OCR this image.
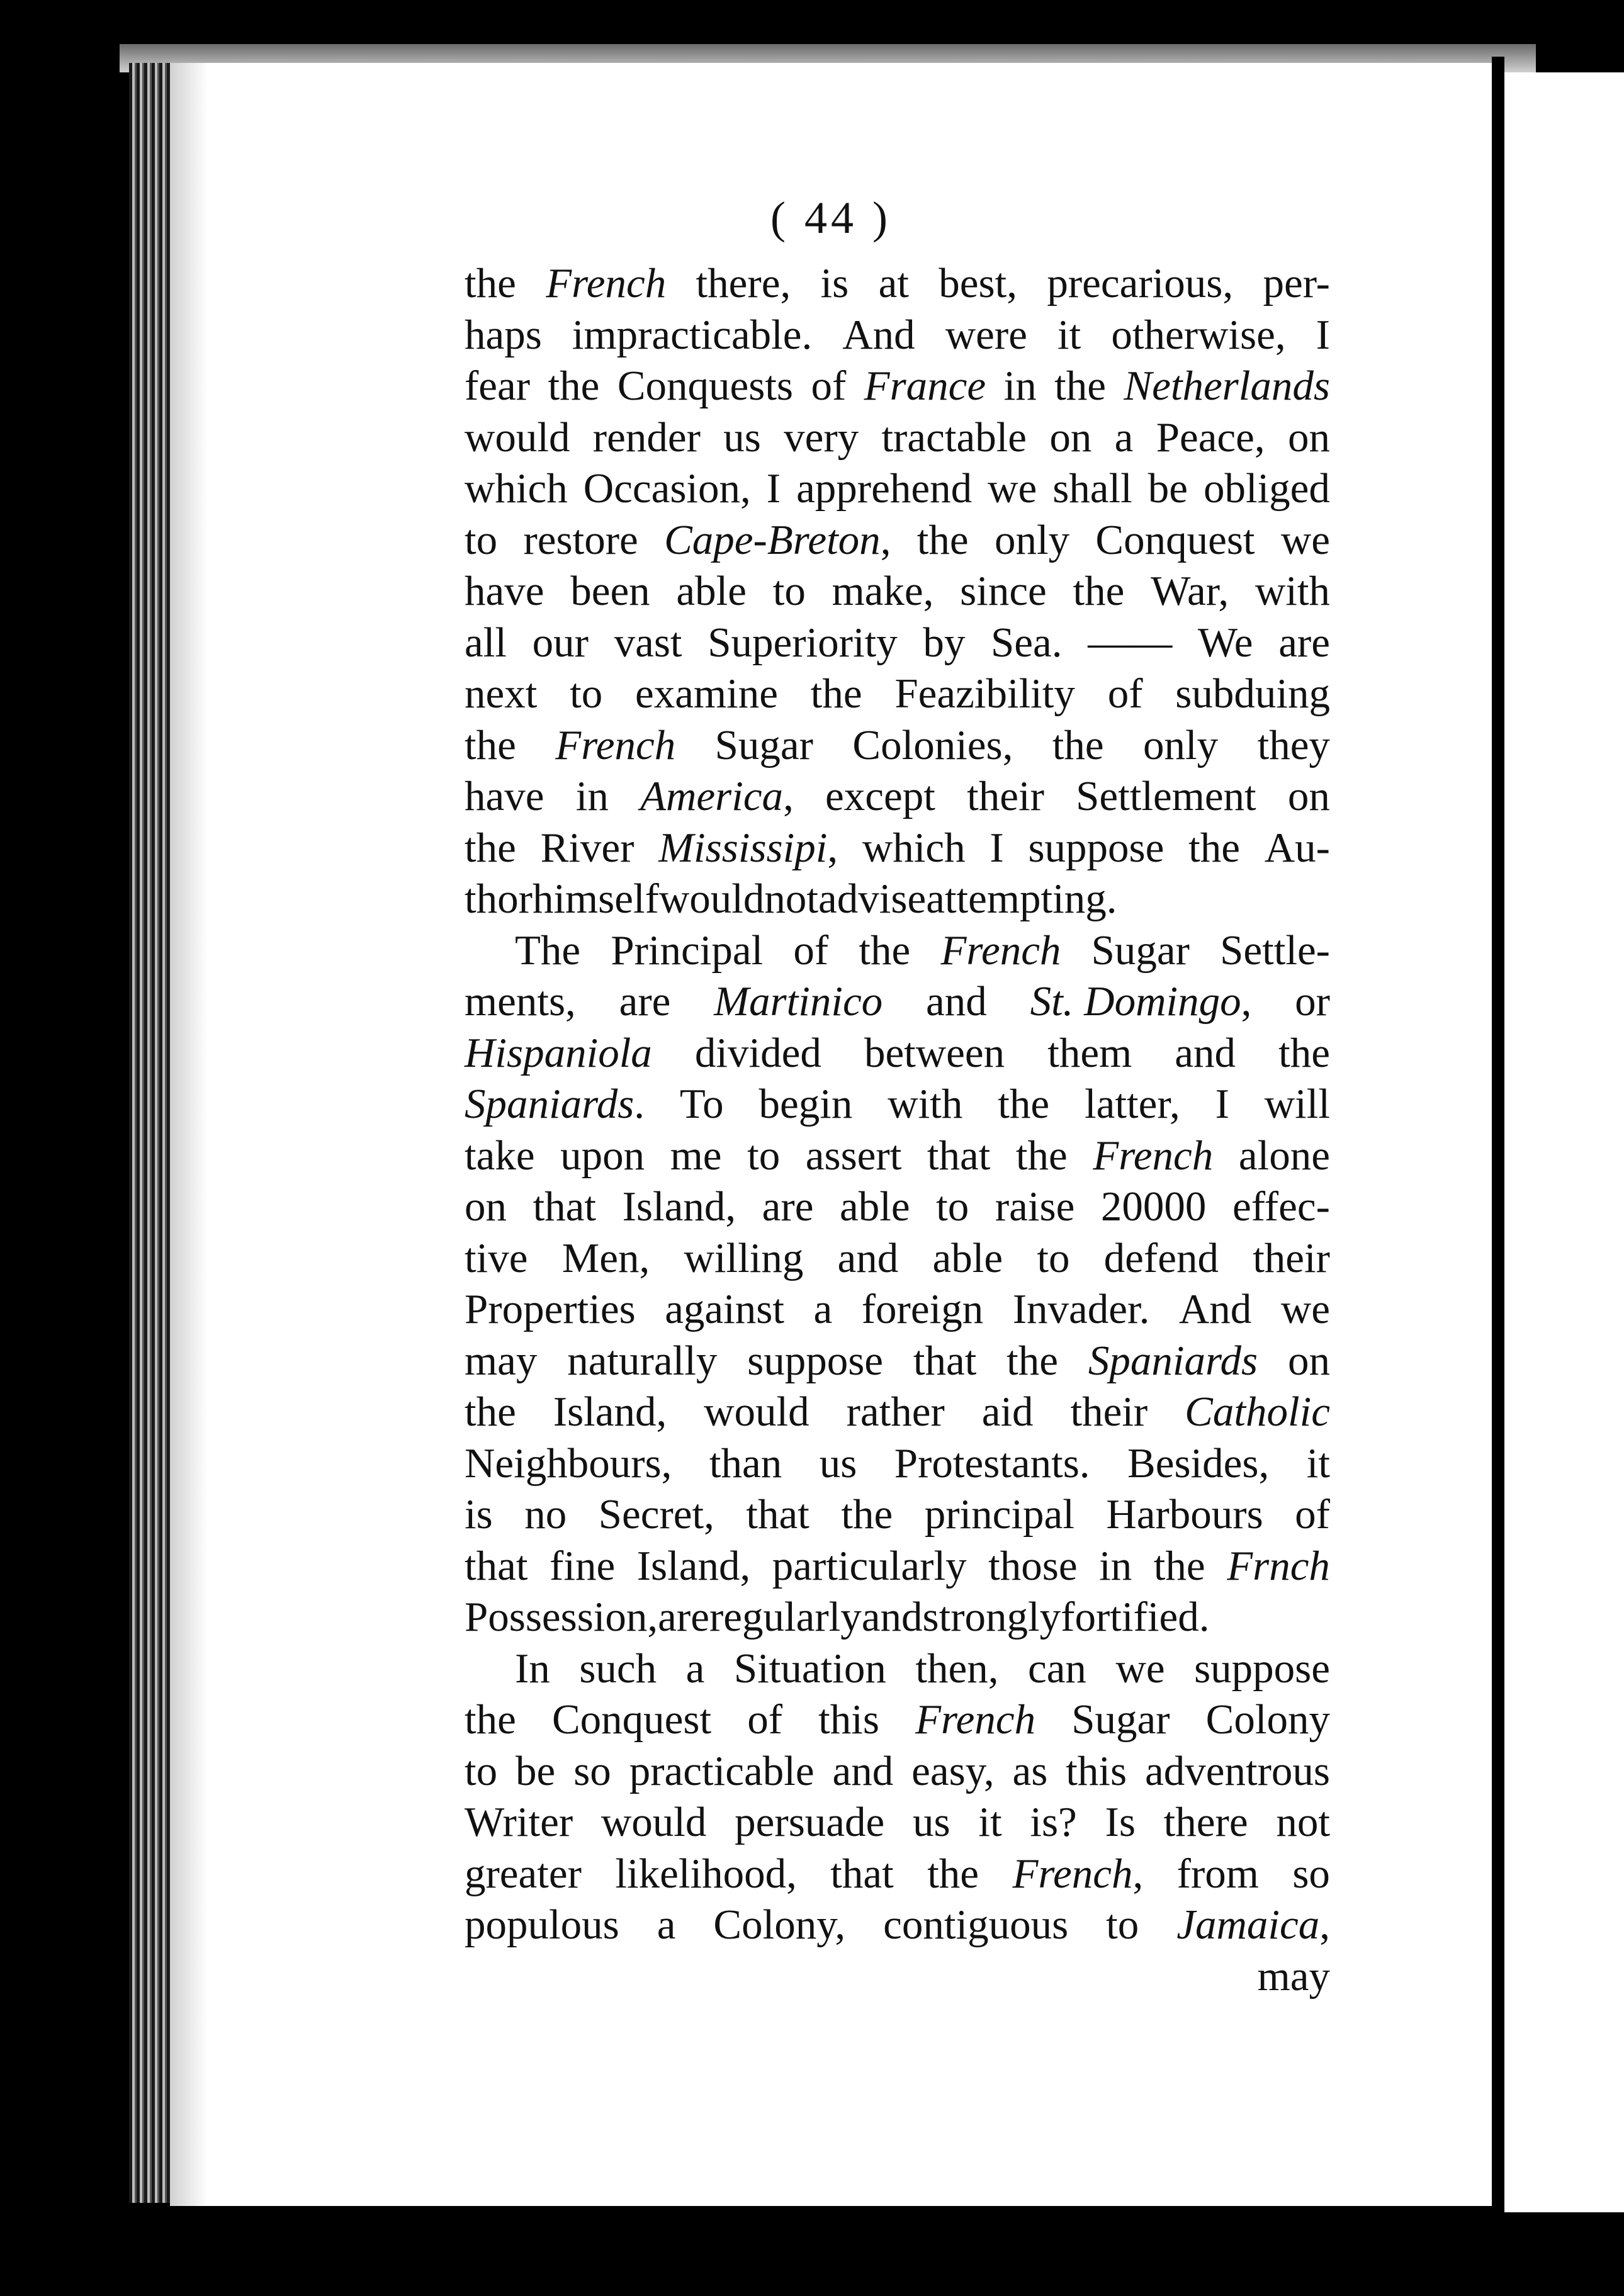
( 44 )
the French there, is at best, precarious, per-
haps impracticable. And were it otherwise, I
fear the Conquests of France in the Netherlands
would render us very tractable on a Peace, on
which Occasion, I apprehend we shall be obliged
to restore Cape-Breton, the only Conquest we
have been able to make, since the War, with
all our vast Superiority by Sea. —— We are
next to examine the Feazibility of subduing
the French Sugar Colonies, the only they
have in America, except their Settlement on
the River Mississipi, which I suppose the Au-
thor himself would not advise attempting.
The Principal of the French Sugar Settle-
ments, are Martinico and St. Domingo, or
Hispaniola divided between them and the
Spaniards. To begin with the latter, I will
take upon me to assert that the French alone
on that Island, are able to raise 20000 effec-
tive Men, willing and able to defend their
Properties against a foreign Invader. And we
may naturally suppose that the Spaniards on
the Island, would rather aid their Catholic
Neighbours, than us Protestants. Besides, it
is no Secret, that the principal Harbours of
that fine Island, particularly those in the Frnch
Possession, are regularly and strongly fortified.
In such a Situation then, can we suppose
the Conquest of this French Sugar Colony
to be so practicable and easy, as this adventrous
Writer would persuade us it is? Is there not
greater likelihood, that the French, from so
populous a Colony, contiguous to Jamaica,
may
